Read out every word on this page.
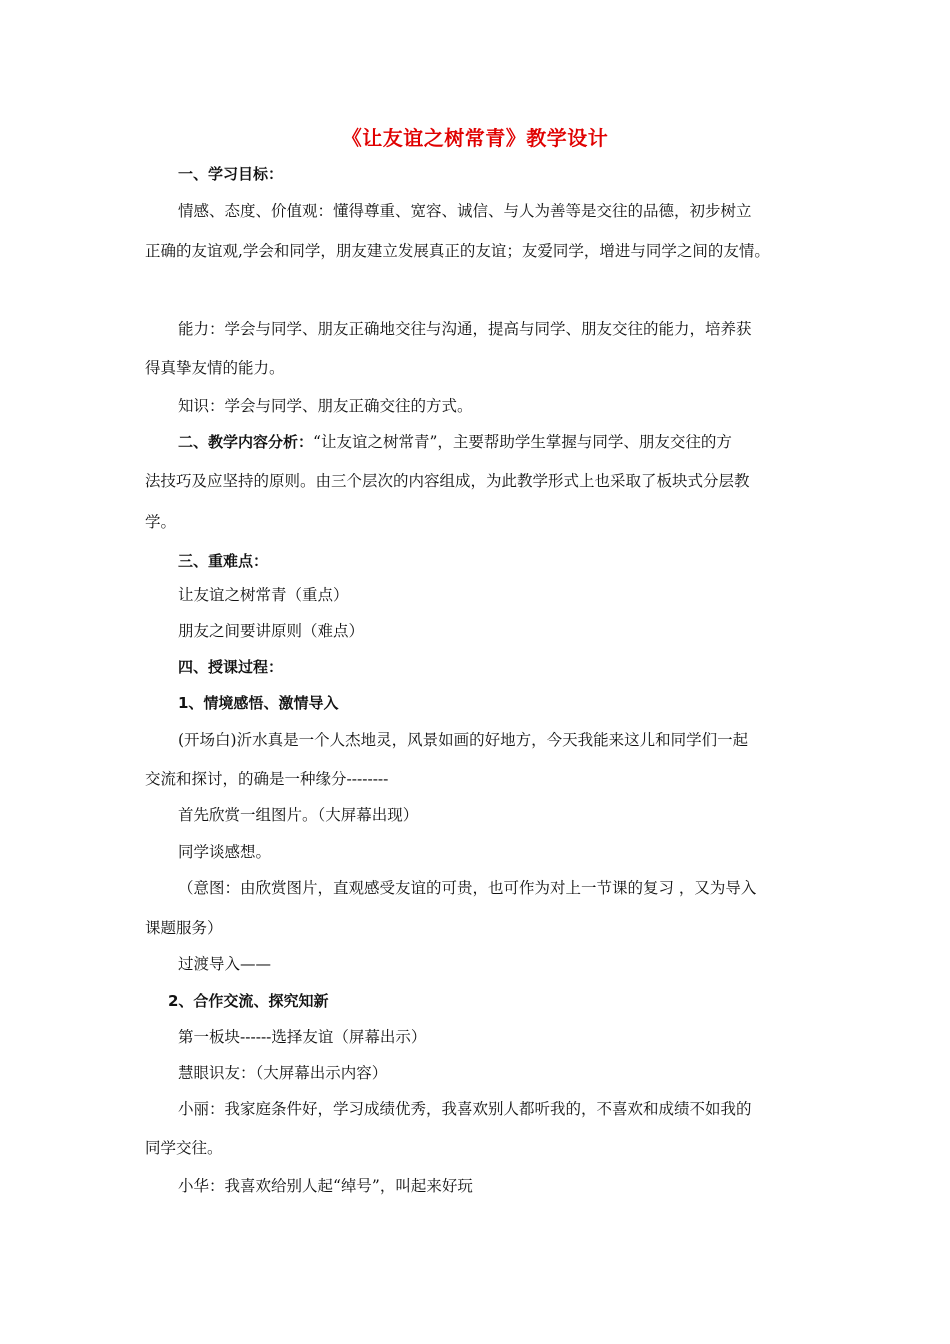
《让友谊之树常青》教学设计
一、学习目标：
情感、态度、价值观：懂得尊重、宽容、诚信、与人为善等是交往的品德，初步树立
正确的友谊观,学会和同学，朋友建立发展真正的友谊；友爱同学，增进与同学之间的友情。
能力：学会与同学、朋友正确地交往与沟通，提高与同学、朋友交往的能力，培养获
得真挚友情的能力。
知识：学会与同学、朋友正确交往的方式。
二、教学内容分析：“让友谊之树常青”，主要帮助学生掌握与同学、朋友交往的方
法技巧及应坚持的原则。由三个层次的内容组成，为此教学形式上也采取了板块式分层教
学。
三、重难点：
让友谊之树常青（重点）
朋友之间要讲原则（难点）
四、授课过程：
1、情境感悟、激情导入
(开场白)沂水真是一个人杰地灵，风景如画的好地方，今天我能来这儿和同学们一起
交流和探讨，的确是一种缘分--------
首先欣赏一组图片。（大屏幕出现）
同学谈感想。
（意图：由欣赏图片，直观感受友谊的可贵，也可作为对上一节课的复习 ，又为导入
课题服务）
过渡导入——
2、合作交流、探究知新
第一板块------选择友谊（屏幕出示）
慧眼识友：（大屏幕出示内容）
小丽：我家庭条件好，学习成绩优秀，我喜欢别人都听我的，不喜欢和成绩不如我的
同学交往。
小华：我喜欢给别人起“绰号”，叫起来好玩
